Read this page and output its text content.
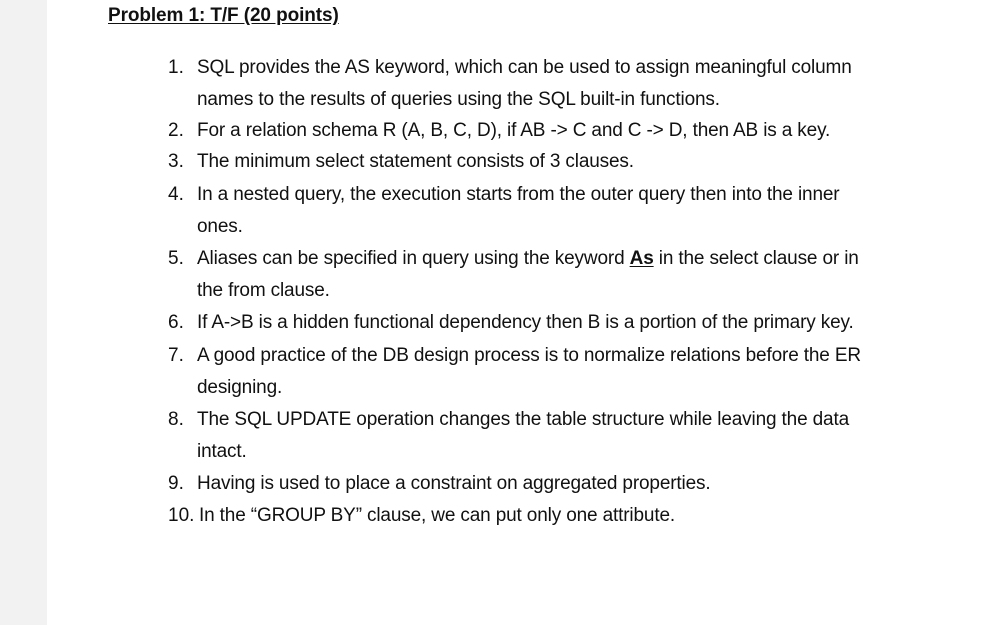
Problem 1: T/F (20 points)
1. SQL provides the AS keyword, which can be used to assign meaningful column
names to the results of queries using the SQL built-in functions.
2. For a relation schema R (A, B, C, D), if AB -> C and C -> D, then AB is a key.
3. The minimum select statement consists of 3 clauses.
4. In a nested query, the execution starts from the outer query then into the inner
ones.
5. Aliases can be specified in query using the keyword As in the select clause or in
the from clause.
6. If A->B is a hidden functional dependency then B is a portion of the primary key.
7. A good practice of the DB design process is to normalize relations before the ER
designing.
8. The SQL UPDATE operation changes the table structure while leaving the data
intact.
9. Having is used to place a constraint on aggregated properties.
10. In the “GROUP BY” clause, we can put only one attribute.
